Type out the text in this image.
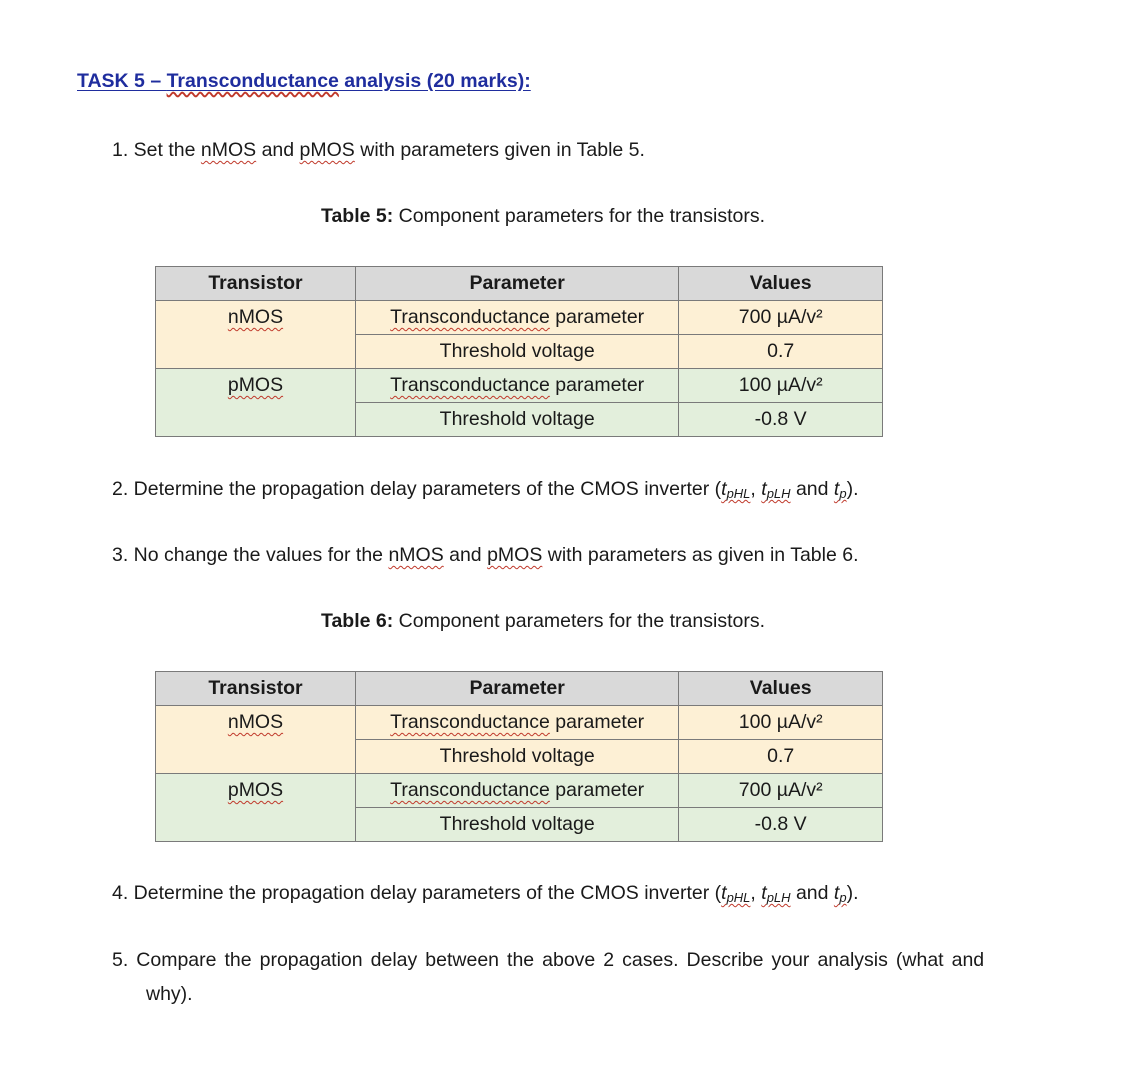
TASK 5 – Transconductance analysis (20 marks):
1. Set the nMOS and pMOS with parameters given in Table 5.
Table 5: Component parameters for the transistors.
Transistor	Parameter	Values
nMOS	Transconductance parameter	700 µA/v²
	Threshold voltage	0.7
pMOS	Transconductance parameter	100 µA/v²
	Threshold voltage	-0.8 V
2. Determine the propagation delay parameters of the CMOS inverter ($t_{pHL}$, $t_{pLH}$ and $t_p$).
3. No change the values for the nMOS and pMOS with parameters as given in Table 6.
Table 6: Component parameters for the transistors.
Transistor	Parameter	Values
nMOS	Transconductance parameter	100 µA/v²
	Threshold voltage	0.7
pMOS	Transconductance parameter	700 µA/v²
	Threshold voltage	-0.8 V
4. Determine the propagation delay parameters of the CMOS inverter ($t_{pHL}$, $t_{pLH}$ and $t_p$).
5. Compare the propagation delay between the above 2 cases. Describe your analysis (what and
why).
